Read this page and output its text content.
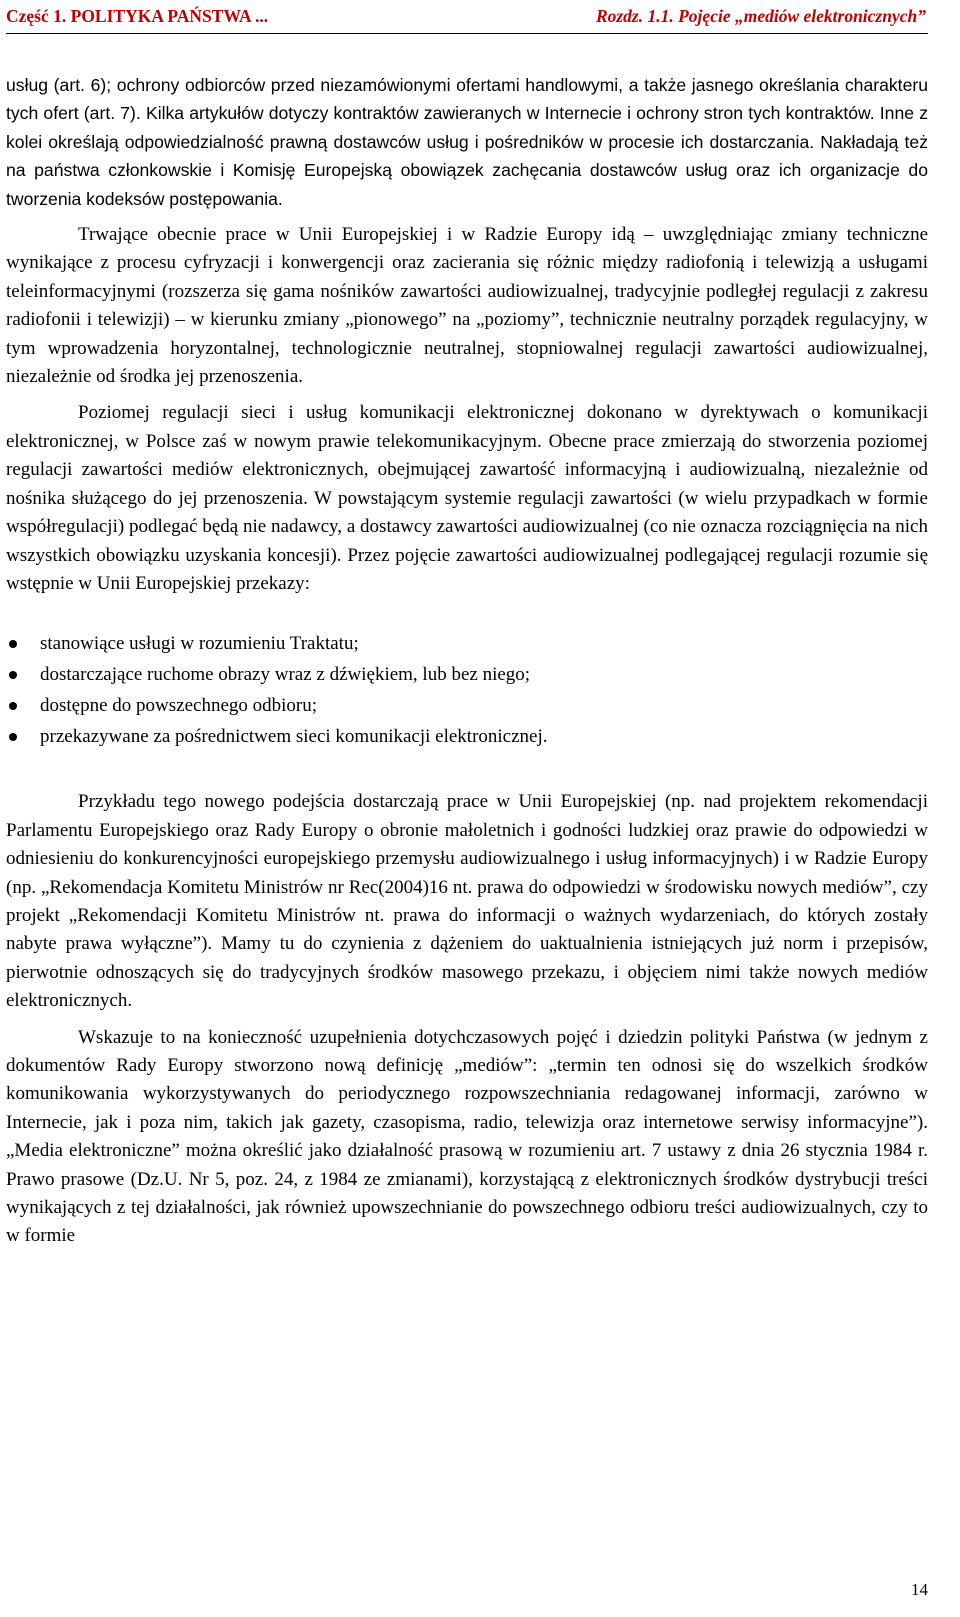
Część 1. POLITYKA PAŃSTWA ...	Rozdz. 1.1. Pojęcie „mediów elektronicznych”

usług (art. 6); ochrony odbiorców przed niezamówionymi ofertami handlowymi, a także jasnego określania charakteru tych ofert (art. 7). Kilka artykułów dotyczy kontraktów zawieranych w Internecie i ochrony stron tych kontraktów. Inne z kolei określają odpowiedzialność prawną dostawców usług i pośredników w procesie ich dostarczania. Nakładają też na państwa członkowskie i Komisję Europejską obowiązek zachęcania dostawców usług oraz ich organizacje do tworzenia kodeksów postępowania.

Trwające obecnie prace w Unii Europejskiej i w Radzie Europy idą – uwzględniając zmiany techniczne wynikające z procesu cyfryzacji i konwergencji oraz zacierania się różnic między radiofonią i telewizją a usługami teleinformacyjnymi (rozszerza się gama nośników zawartości audiowizualnej, tradycyjnie podległej regulacji z zakresu radiofonii i telewizji) – w kierunku zmiany „pionowego” na „poziomy”, technicznie neutralny porządek regulacyjny, w tym wprowadzenia horyzontalnej, technologicznie neutralnej, stopniowalnej regulacji zawartości audiowizualnej, niezależnie od środka jej przenoszenia.

Poziomej regulacji sieci i usług komunikacji elektronicznej dokonano w dyrektywach o komunikacji elektronicznej, w Polsce zaś w nowym prawie telekomunikacyjnym. Obecne prace zmierzają do stworzenia poziomej regulacji zawartości mediów elektronicznych, obejmującej zawartość informacyjną i audiowizualną, niezależnie od nośnika służącego do jej przenoszenia. W powstającym systemie regulacji zawartości (w wielu przypadkach w formie współregulacji) podlegać będą nie nadawcy, a dostawcy zawartości audiowizualnej (co nie oznacza rozciągnięcia na nich wszystkich obowiązku uzyskania koncesji). Przez pojęcie zawartości audiowizualnej podlegającej regulacji rozumie się wstępnie w Unii Europejskiej przekazy:

stanowiące usługi w rozumieniu Traktatu;
dostarczające ruchome obrazy wraz z dźwiękiem, lub bez niego;
dostępne do powszechnego odbioru;
przekazywane za pośrednictwem sieci komunikacji elektronicznej.

Przykładu tego nowego podejścia dostarczają prace w Unii Europejskiej (np. nad projektem rekomendacji Parlamentu Europejskiego oraz Rady Europy o obronie małoletnich i godności ludzkiej oraz prawie do odpowiedzi w odniesieniu do konkurencyjności europejskiego przemysłu audiowizualnego i usług informacyjnych) i w Radzie Europy (np. „Rekomendacja Komitetu Ministrów nr Rec(2004)16 nt. prawa do odpowiedzi w środowisku nowych mediów”, czy projekt „Rekomendacji Komitetu Ministrów nt. prawa do informacji o ważnych wydarzeniach, do których zostały nabyte prawa wyłączne”). Mamy tu do czynienia z dążeniem do uaktualnienia istniejących już norm i przepisów, pierwotnie odnoszących się do tradycyjnych środków masowego przekazu, i objęciem nimi także nowych mediów elektronicznych.

Wskazuje to na konieczność uzupełnienia dotychczasowych pojęć i dziedzin polityki Państwa (w jednym z dokumentów Rady Europy stworzono nową definicję „mediów”: „termin ten odnosi się do wszelkich środków komunikowania wykorzystywanych do periodycznego rozpowszechniania redagowanej informacji, zarówno w Internecie, jak i poza nim, takich jak gazety, czasopisma, radio, telewizja oraz internetowe serwisy informacyjne”). „Media elektroniczne” można określić jako działalność prasową w rozumieniu art. 7 ustawy z dnia 26 stycznia 1984 r. Prawo prasowe (Dz.U. Nr 5, poz. 24, z 1984 ze zmianami), korzystającą z elektronicznych środków dystrybucji treści wynikających z tej działalności, jak również upowszechnianie do powszechnego odbioru treści audiowizualnych, czy to w formie

14
